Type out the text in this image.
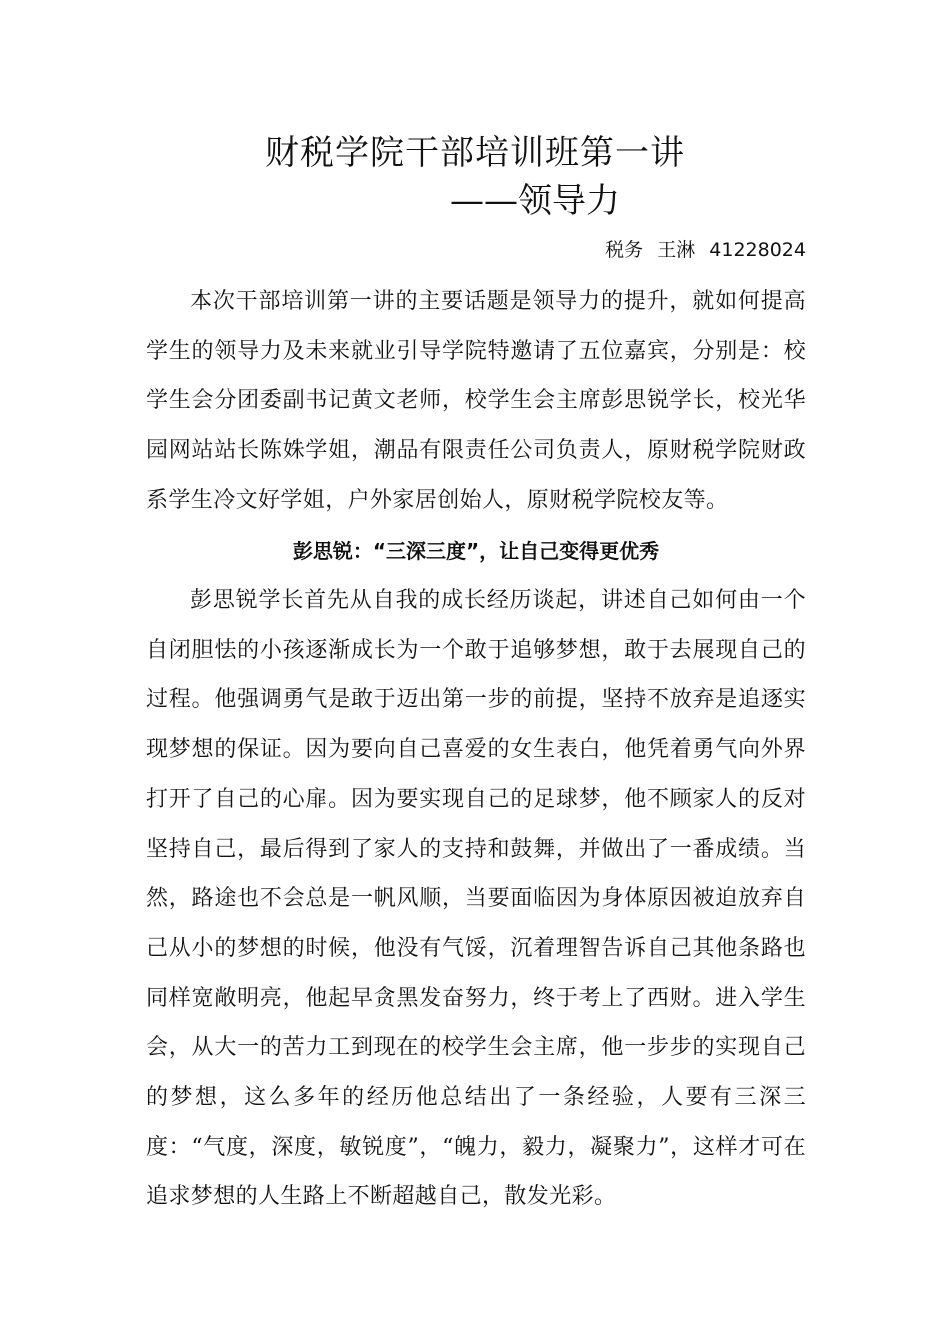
财税学院干部培训班第一讲
——领导力
税务 王淋 41228024

本次干部培训第一讲的主要话题是领导力的提升，就如何提高学生的领导力及未来就业引导学院特邀请了五位嘉宾，分别是：校学生会分团委副书记黄文老师，校学生会主席彭思锐学长，校光华园网站站长陈姝学姐，潮品有限责任公司负责人，原财税学院财政系学生冷文好学姐，户外家居创始人，原财税学院校友等。

彭思锐：“三深三度”，让自己变得更优秀

彭思锐学长首先从自我的成长经历谈起，讲述自己如何由一个自闭胆怯的小孩逐渐成长为一个敢于追够梦想，敢于去展现自己的过程。他强调勇气是敢于迈出第一步的前提，坚持不放弃是追逐实现梦想的保证。因为要向自己喜爱的女生表白，他凭着勇气向外界打开了自己的心扉。因为要实现自己的足球梦，他不顾家人的反对坚持自己，最后得到了家人的支持和鼓舞，并做出了一番成绩。当然，路途也不会总是一帆风顺，当要面临因为身体原因被迫放弃自己从小的梦想的时候，他没有气馁，沉着理智告诉自己其他条路也同样宽敞明亮，他起早贪黑发奋努力，终于考上了西财。进入学生会，从大一的苦力工到现在的校学生会主席，他一步步的实现自己的梦想，这么多年的经历他总结出了一条经验，人要有三深三度：“气度，深度，敏锐度”，“魄力，毅力，凝聚力”，这样才可在追求梦想的人生路上不断超越自己，散发光彩。
